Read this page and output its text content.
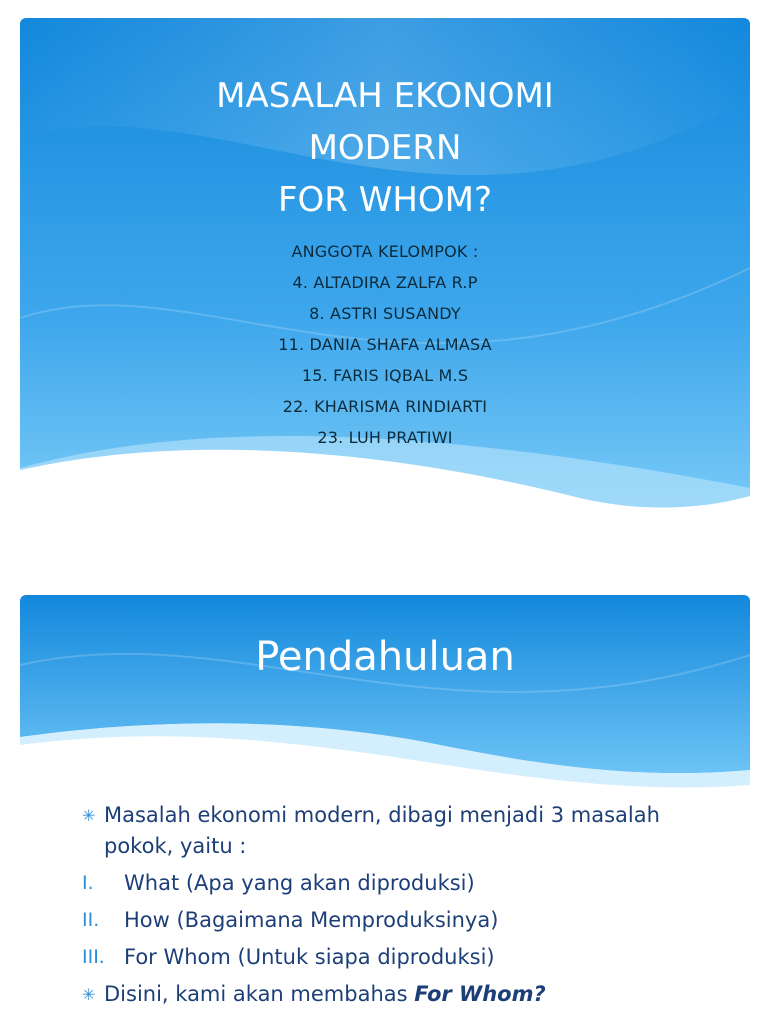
MASALAH EKONOMI
MODERN
FOR WHOM?
ANGGOTA KELOMPOK :
4. ALTADIRA ZALFA R.P
8. ASTRI SUSANDY
11. DANIA SHAFA ALMASA
15. FARIS IQBAL M.S
22. KHARISMA RINDIARTI
23. LUH PRATIWI
Pendahuluan
✳ Masalah ekonomi modern, dibagi menjadi 3 masalah pokok, yaitu :
I. What (Apa yang akan diproduksi)
II. How (Bagaimana Memproduksinya)
III. For Whom (Untuk siapa diproduksi)
✳ Disini, kami akan membahas For Whom?
